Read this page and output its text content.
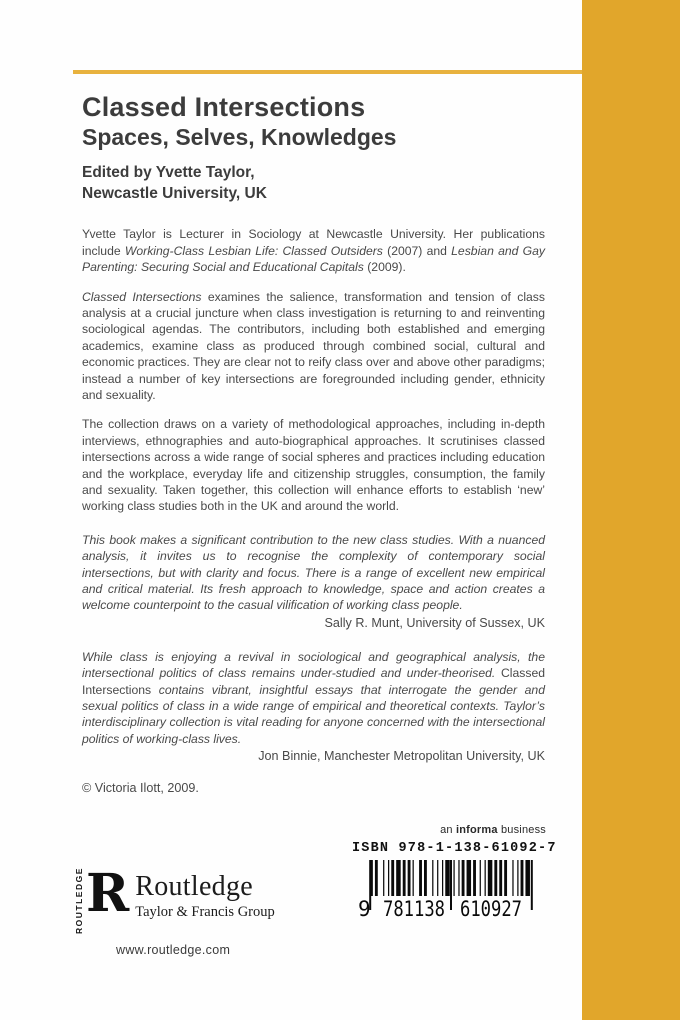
Classed Intersections
Spaces, Selves, Knowledges
Edited by Yvette Taylor,
Newcastle University, UK

Yvette Taylor is Lecturer in Sociology at Newcastle University. Her publications include Working-Class Lesbian Life: Classed Outsiders (2007) and Lesbian and Gay Parenting: Securing Social and Educational Capitals (2009).

Classed Intersections examines the salience, transformation and tension of class analysis at a crucial juncture when class investigation is returning to and reinventing sociological agendas. The contributors, including both established and emerging academics, examine class as produced through combined social, cultural and economic practices. They are clear not to reify class over and above other paradigms; instead a number of key intersections are foregrounded including gender, ethnicity and sexuality.

The collection draws on a variety of methodological approaches, including in-depth interviews, ethnographies and auto-biographical approaches. It scrutinises classed intersections across a wide range of social spheres and practices including education and the workplace, everyday life and citizenship struggles, consumption, the family and sexuality. Taken together, this collection will enhance efforts to establish ‘new’ working class studies both in the UK and around the world.

This book makes a significant contribution to the new class studies. With a nuanced analysis, it invites us to recognise the complexity of contemporary social intersections, but with clarity and focus. There is a range of excellent new empirical and critical material. Its fresh approach to knowledge, space and action creates a welcome counterpoint to the casual vilification of working class people.

Sally R. Munt, University of Sussex, UK

While class is enjoying a revival in sociological and geographical analysis, the intersectional politics of class remains under-studied and under-theorised. Classed Intersections contains vibrant, insightful essays that interrogate the gender and sexual politics of class in a wide range of empirical and theoretical contexts. Taylor’s interdisciplinary collection is vital reading for anyone concerned with the intersectional politics of working-class lives.

Jon Binnie, Manchester Metropolitan University, UK

© Victoria Ilott, 2009.

an informa business
ISBN 978-1-138-61092-7
9 781138 610927
ROUTLEDGE R Routledge
Taylor & Francis Group
www.routledge.com
